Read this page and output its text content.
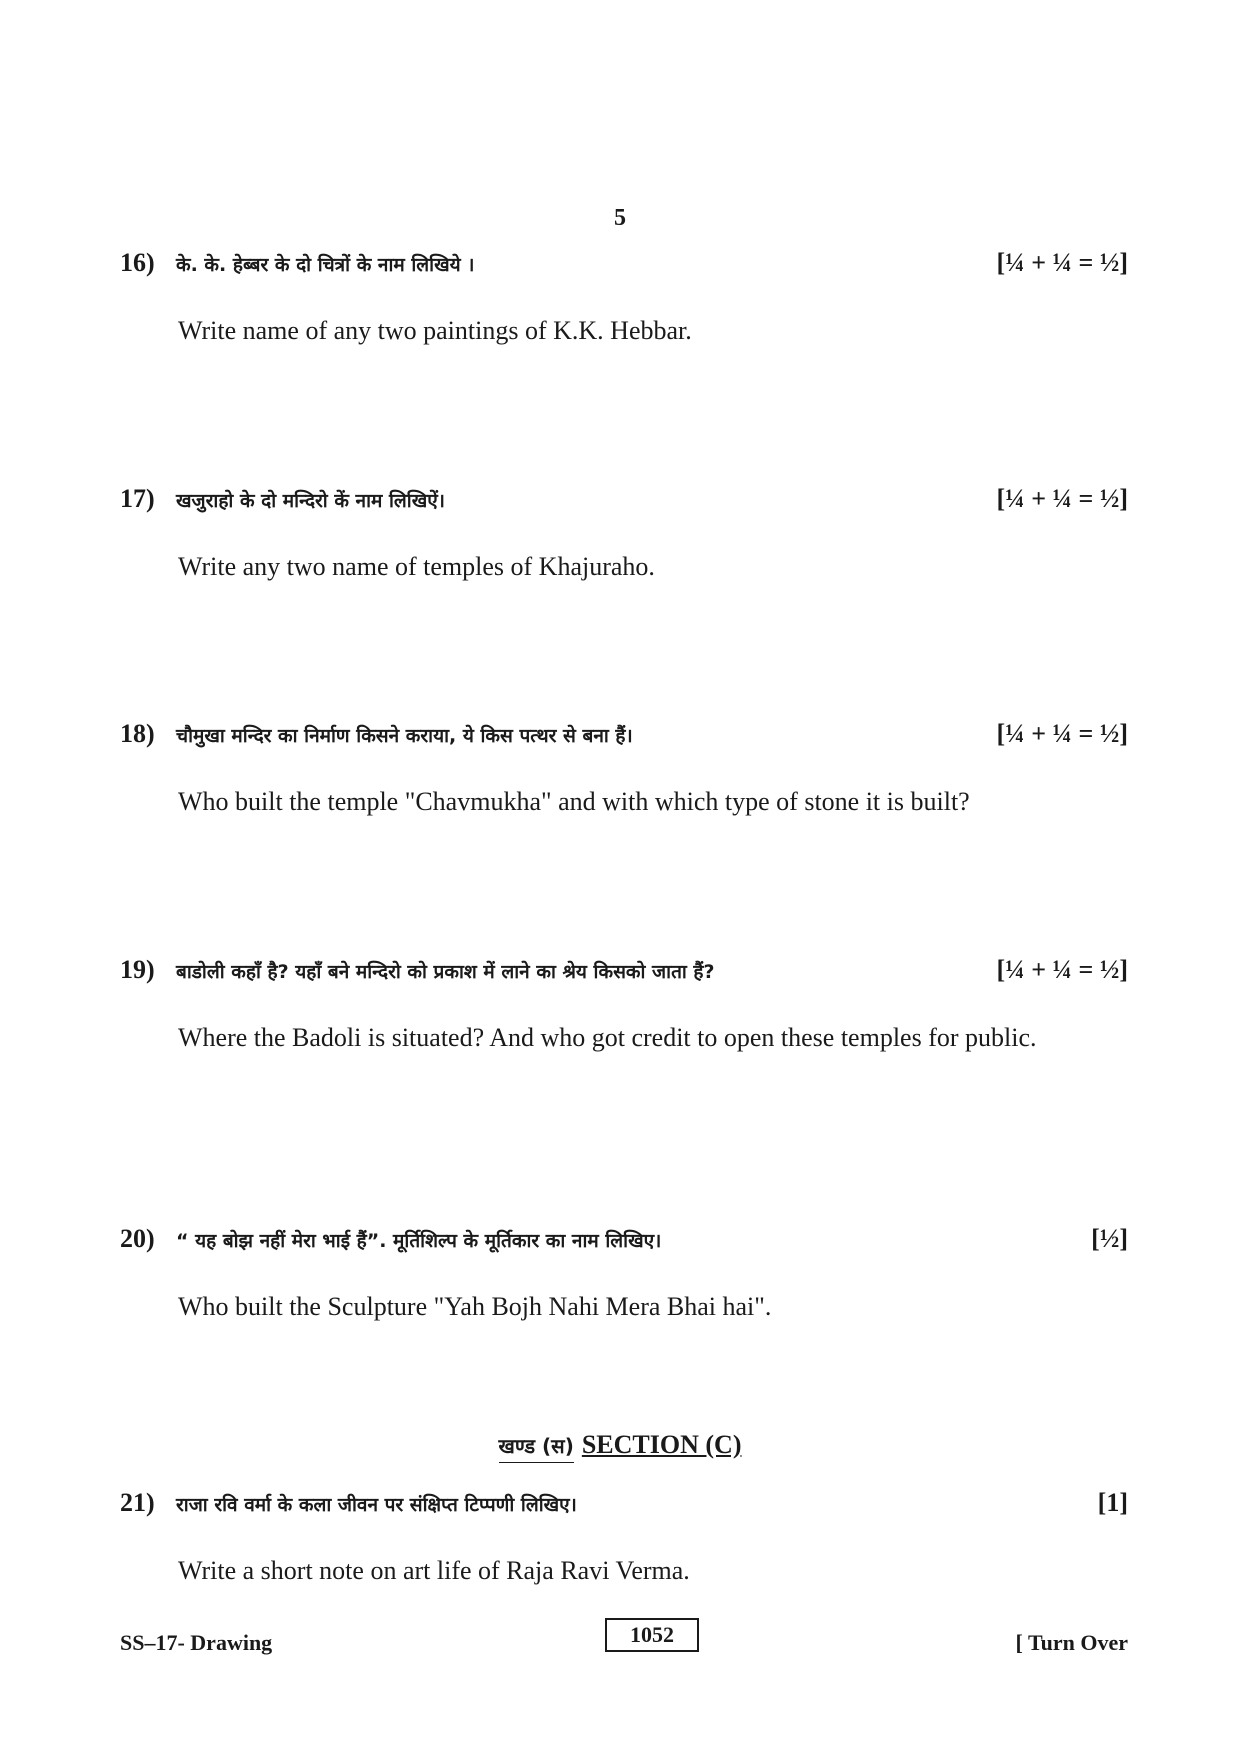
5
16) के. के. हेब्बर के दो चित्रों के नाम लिखिये ।	[¼ + ¼ = ½]
Write name of any two paintings of K.K. Hebbar.
17) खजुराहो के दो मन्दिरो कें नाम लिखिऐं।	[¼ + ¼ = ½]
Write any two name of temples of Khajuraho.
18) चौमुखा मन्दिर का निर्माण किसने कराया, ये किस पत्थर से बना हैं।	[¼ + ¼ = ½]
Who built the temple "Chavmukha" and with which type of stone it is built?
19) बाडोली कहाँ है? यहाँ बने मन्दिरो को प्रकाश में लाने का श्रेय किसको जाता हैं?	[¼ + ¼ = ½]
Where the Badoli is situated? And who got credit to open these temples for public.
20) “ यह बोझ नहीं मेरा भाई हैं”. मूर्तिशिल्प के मूर्तिकार का नाम लिखिए।	[½]
Who built the Sculpture "Yah Bojh Nahi Mera Bhai hai".
खण्ड (स) SECTION (C)
21) राजा रवि वर्मा के कला जीवन पर संक्षिप्त टिप्पणी लिखिए।	[1]
Write a short note on art life of Raja Ravi Verma.
SS–17- Drawing	1052	[ Turn Over
